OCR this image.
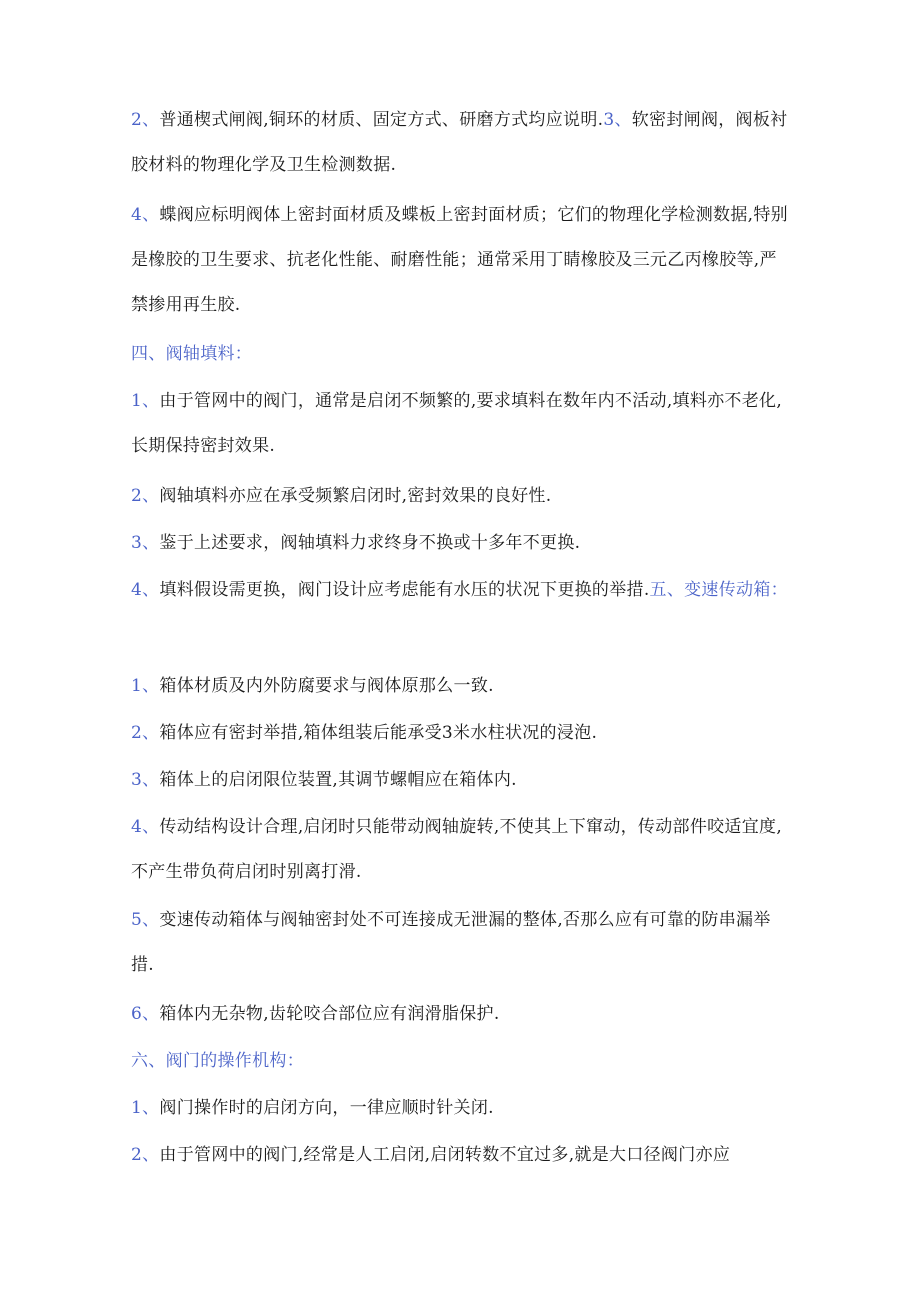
2、普通楔式闸阀,铜环的材质、固定方式、研磨方式均应说明.3、软密封闸阀，阀板衬胶材料的物理化学及卫生检测数据.

4、蝶阀应标明阀体上密封面材质及蝶板上密封面材质；它们的物理化学检测数据,特别是橡胶的卫生要求、抗老化性能、耐磨性能；通常采用丁睛橡胶及三元乙丙橡胶等,严禁掺用再生胶.

四、阀轴填料：

1、由于管网中的阀门，通常是启闭不频繁的,要求填料在数年内不活动,填料亦不老化,长期保持密封效果.

2、阀轴填料亦应在承受频繁启闭时,密封效果的良好性.

3、鉴于上述要求，阀轴填料力求终身不换或十多年不更换.

4、填料假设需更换，阀门设计应考虑能有水压的状况下更换的举措.五、变速传动箱：

1、箱体材质及内外防腐要求与阀体原那么一致.

2、箱体应有密封举措,箱体组装后能承受3米水柱状况的浸泡.

3、箱体上的启闭限位装置,其调节螺帽应在箱体内.

4、传动结构设计合理,启闭时只能带动阀轴旋转,不使其上下窜动，传动部件咬适宜度,不产生带负荷启闭时别离打滑.

5、变速传动箱体与阀轴密封处不可连接成无泄漏的整体,否那么应有可靠的防串漏举措.

6、箱体内无杂物,齿轮咬合部位应有润滑脂保护.

六、阀门的操作机构：

1、阀门操作时的启闭方向，一律应顺时针关闭.

2、由于管网中的阀门,经常是人工启闭,启闭转数不宜过多,就是大口径阀门亦应
